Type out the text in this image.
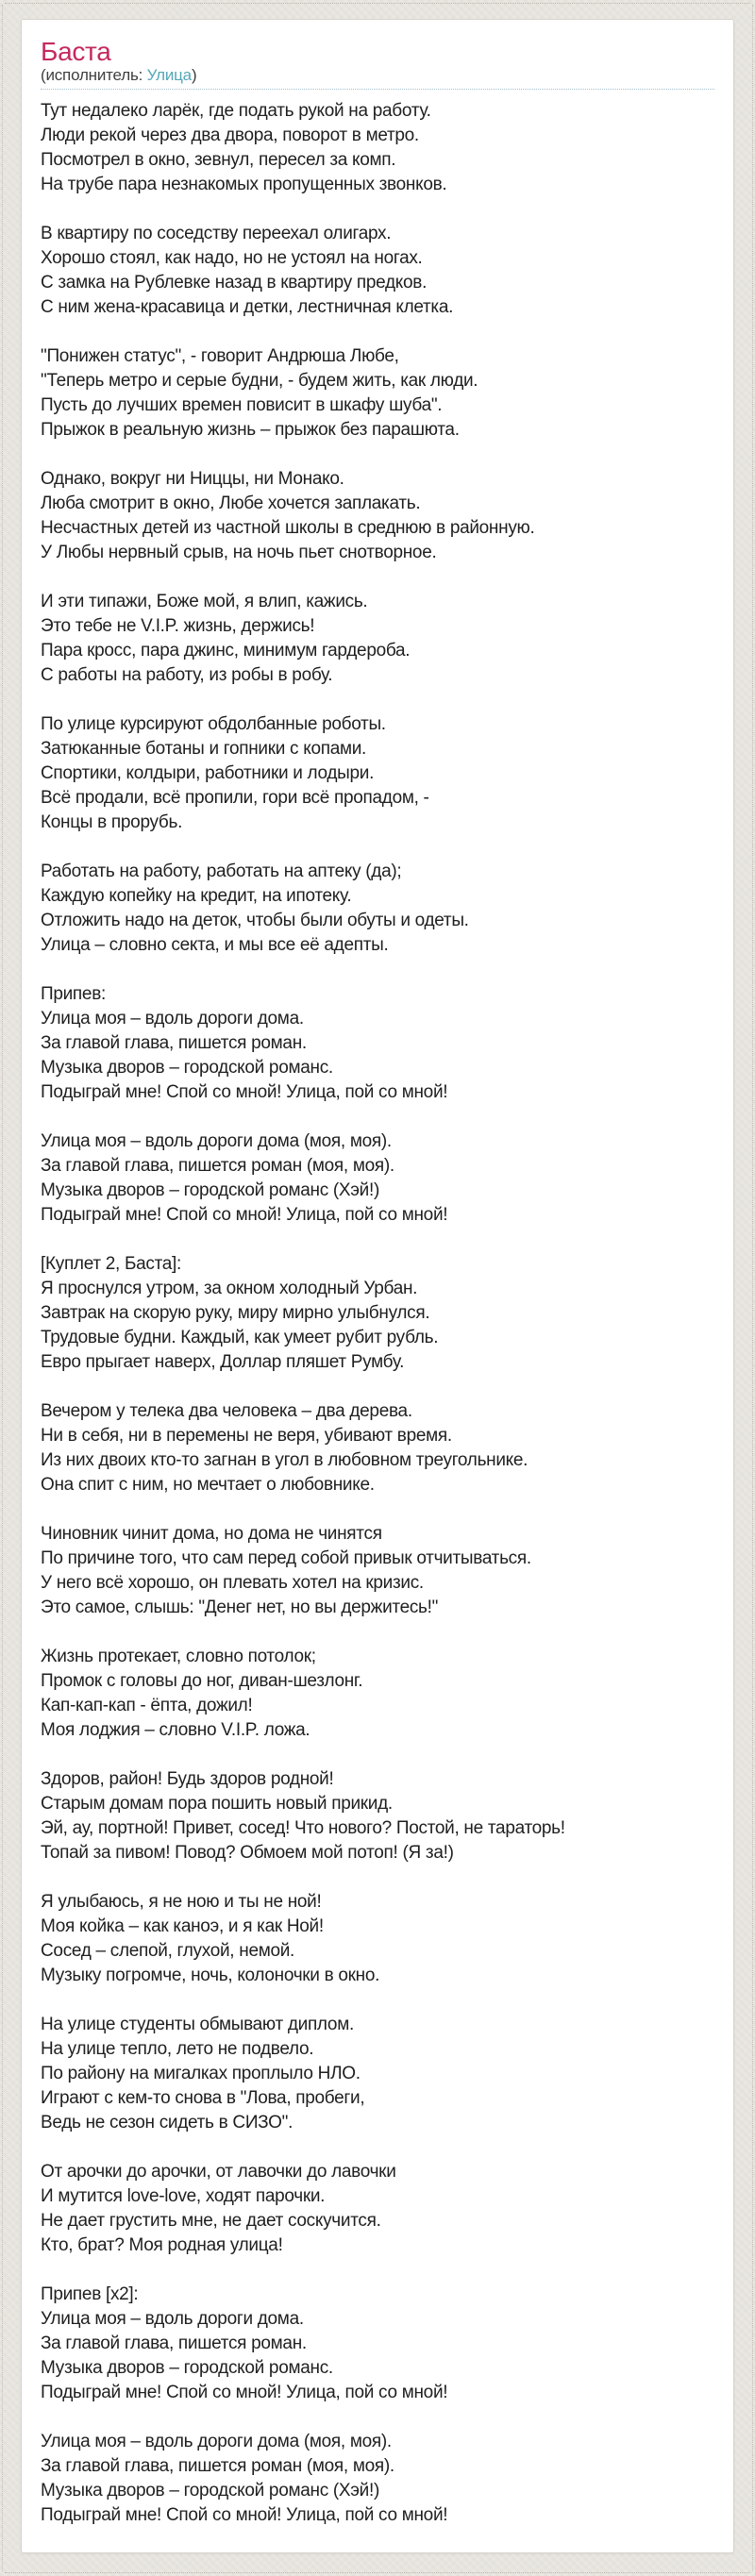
Баста
(исполнитель: Улица)

Тут недалеко ларёк, где подать рукой на работу.
Люди рекой через два двора, поворот в метро.
Посмотрел в окно, зевнул, пересел за комп.
На трубе пара незнакомых пропущенных звонков.

В квартиру по соседству переехал олигарх.
Хорошо стоял, как надо, но не устоял на ногах.
С замка на Рублевке назад в квартиру предков.
С ним жена-красавица и детки, лестничная клетка.

"Понижен статус", - говорит Андрюша Любе,
"Теперь метро и серые будни, - будем жить, как люди.
Пусть до лучших времен повисит в шкафу шуба".
Прыжок в реальную жизнь – прыжок без парашюта.

Однако, вокруг ни Ниццы, ни Монако.
Люба смотрит в окно, Любе хочется заплакать.
Несчастных детей из частной школы в среднюю в районную.
У Любы нервный срыв, на ночь пьет снотворное.

И эти типажи, Боже мой, я влип, кажись.
Это тебе не V.I.P. жизнь, держись!
Пара кросс, пара джинс, минимум гардероба.
С работы на работу, из робы в робу.

По улице курсируют обдолбанные роботы.
Затюканные ботаны и гопники с копами.
Спортики, колдыри, работники и лодыри.
Всё продали, всё пропили, гори всё пропадом, -
Концы в прорубь.

Работать на работу, работать на аптеку (да);
Каждую копейку на кредит, на ипотеку.
Отложить надо на деток, чтобы были обуты и одеты.
Улица – словно секта, и мы все её адепты.

Припев:
Улица моя – вдоль дороги дома.
За главой глава, пишется роман.
Музыка дворов – городской романс.
Подыграй мне! Спой со мной! Улица, пой со мной!

Улица моя – вдоль дороги дома (моя, моя).
За главой глава, пишется роман (моя, моя).
Музыка дворов – городской романс (Хэй!)
Подыграй мне! Спой со мной! Улица, пой со мной!

[Куплет 2, Баста]:
Я проснулся утром, за окном холодный Урбан.
Завтрак на скорую руку, миру мирно улыбнулся.
Трудовые будни. Каждый, как умеет рубит рубль.
Евро прыгает наверх, Доллар пляшет Румбу.

Вечером у телека два человека – два дерева.
Ни в себя, ни в перемены не веря, убивают время.
Из них двоих кто-то загнан в угол в любовном треугольнике.
Она спит с ним, но мечтает о любовнике.

Чиновник чинит дома, но дома не чинятся
По причине того, что сам перед собой привык отчитываться.
У него всё хорошо, он плевать хотел на кризис.
Это самое, слышь: "Денег нет, но вы держитесь!"

Жизнь протекает, словно потолок;
Промок с головы до ног, диван-шезлонг.
Кап-кап-кап - ёпта, дожил!
Моя лоджия – словно V.I.P. ложа.

Здоров, район! Будь здоров родной!
Старым домам пора пошить новый прикид.
Эй, ау, портной! Привет, сосед! Что нового? Постой, не тараторь!
Топай за пивом! Повод? Обмоем мой потоп! (Я за!)

Я улыбаюсь, я не ною и ты не ной!
Моя койка – как каноэ, и я как Ной!
Сосед – слепой, глухой, немой.
Музыку погромче, ночь, колоночки в окно.

На улице студенты обмывают диплом.
На улице тепло, лето не подвело.
По району на мигалках проплыло НЛО.
Играют с кем-то снова в "Лова, пробеги,
Ведь не сезон сидеть в СИЗО".

От арочки до арочки, от лавочки до лавочки
И мутится love-love, ходят парочки.
Не дает грустить мне, не дает соскучится.
Кто, брат? Моя родная улица!

Припев [x2]:
Улица моя – вдоль дороги дома.
За главой глава, пишется роман.
Музыка дворов – городской романс.
Подыграй мне! Спой со мной! Улица, пой со мной!

Улица моя – вдоль дороги дома (моя, моя).
За главой глава, пишется роман (моя, моя).
Музыка дворов – городской романс (Хэй!)
Подыграй мне! Спой со мной! Улица, пой со мной!
